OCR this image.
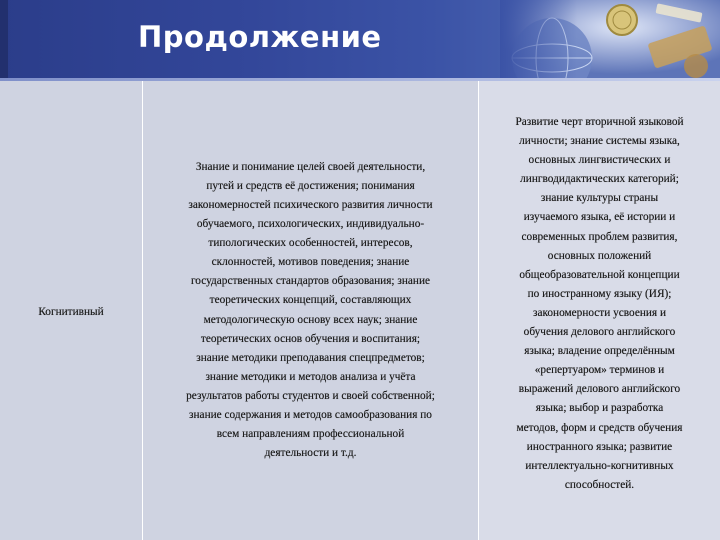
Продолжение
Когнитивный
Знание и понимание целей своей деятельности,
путей и средств её достижения; понимания
закономерностей психического развития личности
обучаемого, психологических, индивидуально-
типологических особенностей, интересов,
склонностей, мотивов поведения; знание
государственных стандартов образования; знание
теоретических концепций, составляющих
методологическую основу всех наук; знание
теоретических основ обучения и воспитания;
знание методики преподавания спецпредметов;
знание методики и методов анализа и учёта
результатов работы студентов и своей собственной;
знание содержания и методов самообразования по
всем направлениям профессиональной
деятельности и т.д.
Развитие черт вторичной языковой
личности; знание системы языка,
основных лингвистических и
лингводидактических категорий;
знание культуры страны
изучаемого языка, её истории и
современных проблем развития,
основных положений
общеобразовательной концепции
по иностранному языку (ИЯ);
закономерности усвоения и
обучения делового английского
языка; владение определённым
«репертуаром» терминов и
выражений делового английского
языка; выбор и разработка
методов, форм и средств обучения
иностранного языка; развитие
интеллектуально-когнитивных
способностей.
